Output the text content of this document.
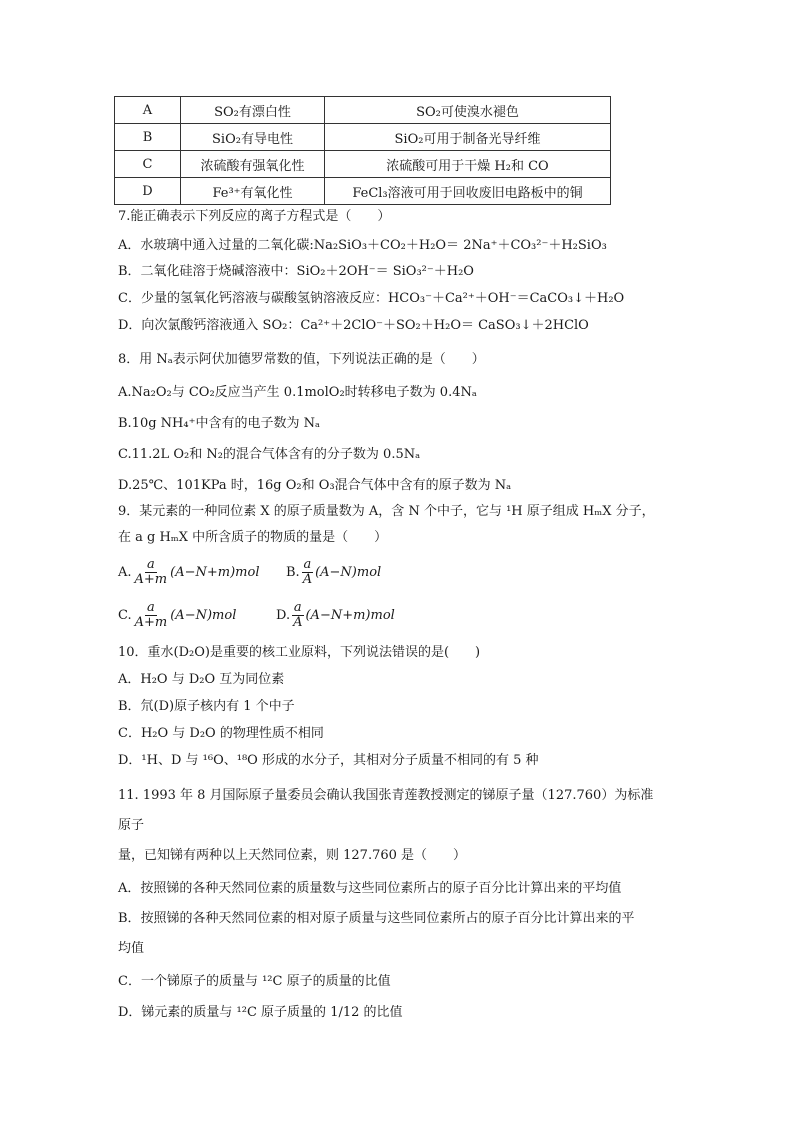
A	SO₂有漂白性	SO₂可使溴水褪色
B	SiO₂有导电性	SiO₂可用于制备光导纤维
C	浓硫酸有强氧化性	浓硫酸可用于干燥 H₂和 CO
D	Fe³⁺有氧化性	FeCl₃溶液可用于回收废旧电路板中的铜
7.能正确表示下列反应的离子方程式是（　　）
A．水玻璃中通入过量的二氧化碳:Na₂SiO₃＋CO₂＋H₂O＝ 2Na⁺＋CO₃²⁻＋H₂SiO₃
B．二氧化硅溶于烧碱溶液中：SiO₂＋2OH⁻＝ SiO₃²⁻＋H₂O
C．少量的氢氧化钙溶液与碳酸氢钠溶液反应：HCO₃⁻＋Ca²⁺＋OH⁻＝CaCO₃↓＋H₂O
D．向次氯酸钙溶液通入 SO₂：Ca²⁺＋2ClO⁻＋SO₂＋H₂O＝ CaSO₃↓＋2HClO
8．用 Nₐ表示阿伏加德罗常数的值，下列说法正确的是（　　）
A.Na₂O₂与 CO₂反应当产生 0.1molO₂时转移电子数为 0.4Nₐ
B.10g NH₄⁺中含有的电子数为 Nₐ
C.11.2L O₂和 N₂的混合气体含有的分子数为 0.5Nₐ
D.25℃、101KPa 时，16g O₂和 O₃混合气体中含有的原子数为 Nₐ
9．某元素的一种同位素 X 的原子质量数为 A，含 N 个中子，它与 ¹H 原子组成 HₘX 分子，
在 a g HₘX 中所含质子的物质的量是（　　）
A. $\frac{a}{A+m} (A-N+m)mol$ B. $\frac{a}{A} (A-N)mol$
C. $\frac{a}{A+m} (A-N)mol$	D. $\frac{a}{A} (A-N+m)mol$
10．重水(D₂O)是重要的核工业原料，下列说法错误的是(　　)
A．H₂O 与 D₂O 互为同位素
B．氘(D)原子核内有 1 个中子
C．H₂O 与 D₂O 的物理性质不相同
D．¹H、D 与 ¹⁶O、¹⁸O 形成的水分子，其相对分子质量不相同的有 5 种
11. 1993 年 8 月国际原子量委员会确认我国张青莲教授测定的锑原子量（127.760）为标准
原子
量，已知锑有两种以上天然同位素，则 127.760 是（　　）
A．按照锑的各种天然同位素的质量数与这些同位素所占的原子百分比计算出来的平均值
B．按照锑的各种天然同位素的相对原子质量与这些同位素所占的原子百分比计算出来的平
均值
C．一个锑原子的质量与 ¹²C 原子的质量的比值
D．锑元素的质量与 ¹²C 原子质量的 1/12 的比值
